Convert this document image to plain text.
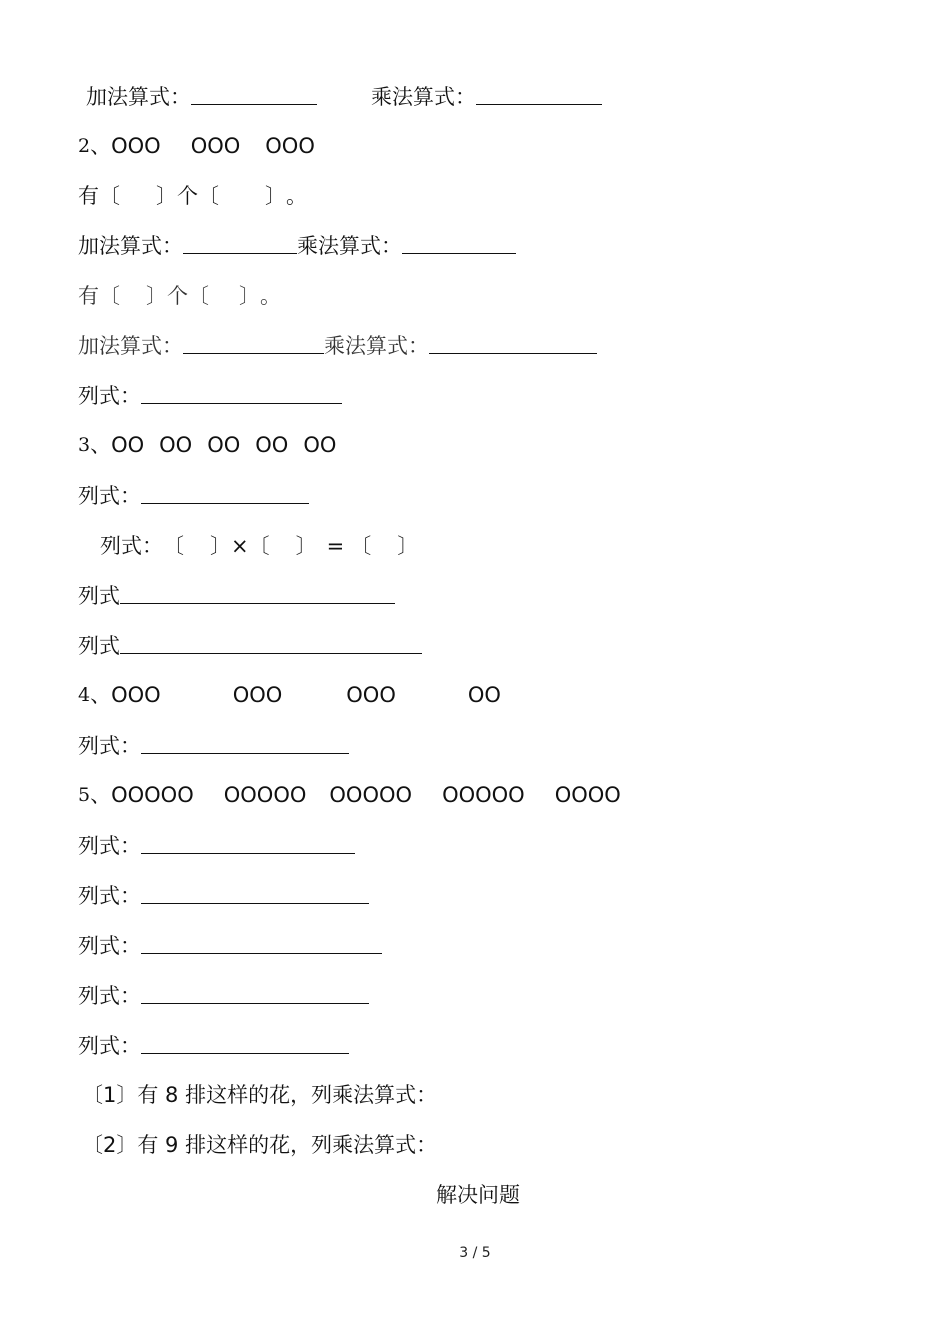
加法算式：	乘法算式：
2、OOO OOO OOO
有〔 〕个〔 〕。
加法算式：	乘法算式：
有〔 〕个〔 〕。
加法算式：	乘法算式：
列式：
3、OO OO OO OO OO
列式：
列式：〔 〕×〔 〕 = 〔 〕
列式
列式
4、OOO	OOO	OOO	OO
列式：
5、OOOOO OOOOO OOOOO OOOOO OOOO
列式：
列式：
列式：
列式：
列式：
〔1〕有 8 排这样的花，列乘法算式：
〔2〕有 9 排这样的花，列乘法算式：
解决问题
3 / 5
